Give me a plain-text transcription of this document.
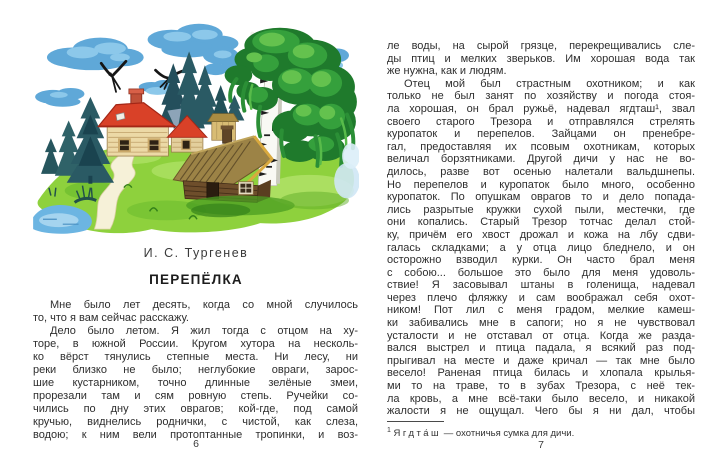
И. С. Тургенев
ПЕРЕПЁЛКА
Мне было лет десять, когда со мной случилось
то, что я вам сейчас расскажу.
Дело было летом. Я жил тогда с отцом на ху-
торе, в южной России. Кругом хутора на несколь-
ко вёрст тянулись степные места. Ни лесу, ни
реки близко не было; неглубокие овраги, зарос-
шие кустарником, точно длинные зелёные змеи,
прорезали там и сям ровную степь. Ручейки со-
чились по дну этих оврагов; кой-где, под самой
кручью, виднелись роднички, с чистой, как слеза,
водою; к ним вели протоптанные тропинки, и воз-
6
ле воды, на сырой грязце, перекрещивались сле-
ды птиц и мелких зверьков. Им хорошая вода так
же нужна, как и людям.
Отец мой был страстным охотником; и как
только не был занят по хозяйству и погода стоя-
ла хорошая, он брал ружьё, надевал ягдташ¹, звал
своего старого Трезора и отправлялся стрелять
куропаток и перепелов. Зайцами он пренебре-
гал, предоставляя их псовым охотникам, которых
величал борзятниками. Другой дичи у нас не во-
дилось, разве вот осенью налетали вальдшнепы.
Но перепелов и куропаток было много, особенно
куропаток. По опушкам оврагов то и дело попада-
лись разрытые кружки сухой пыли, местечки, где
они копались. Старый Трезор тотчас делал стой-
ку, причём его хвост дрожал и кожа на лбу сдви-
галась складками; а у отца лицо бледнело, и он
осторожно взводил курки. Он часто брал меня
с собою... большое это было для меня удоволь-
ствие! Я засовывал штаны в голенища, надевал
через плечо фляжку и сам воображал себя охот-
ником! Пот лил с меня градом, мелкие камеш-
ки забивались мне в сапоги; но я не чувствовал
усталости и не отставал от отца. Когда же разда-
вался выстрел и птица падала, я всякий раз под-
прыгивал на месте и даже кричал — так мне было
весело! Раненая птица билась и хлопала крылья-
ми то на траве, то в зубах Трезора, с неё тек-
ла кровь, а мне всё-таки было весело, и никакой
жалости я не ощущал. Чего бы я ни дал, чтобы
$^1$ Ягдта́ш — охотничья сумка для дичи.
7
